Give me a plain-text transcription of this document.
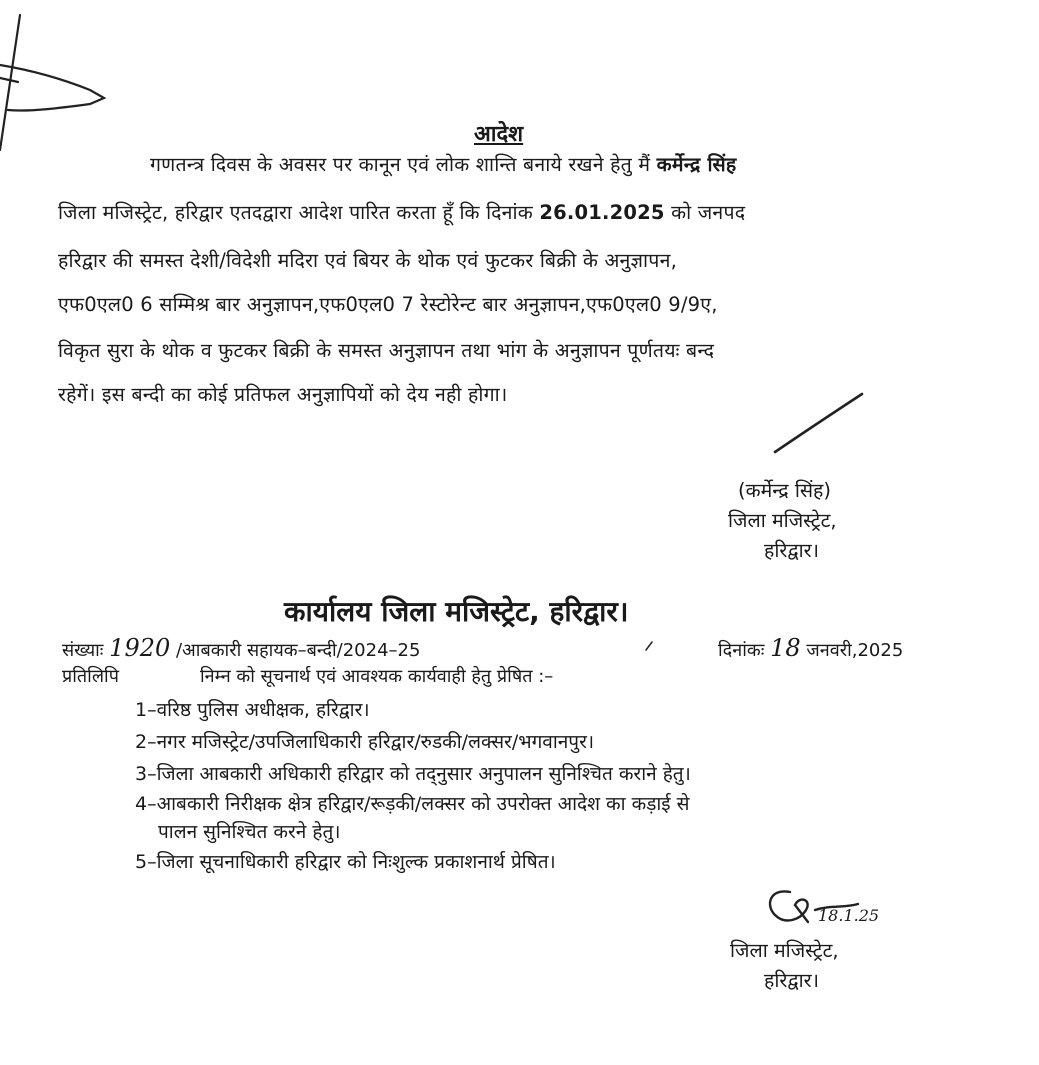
आदेश
गणतन्त्र दिवस के अवसर पर कानून एवं लोक शान्ति बनाये रखने हेतु मैं कर्मेन्द्र सिंह
जिला मजिस्ट्रेट, हरिद्वार एतदद्वारा आदेश पारित करता हूँ कि दिनांक 26.01.2025 को जनपद
हरिद्वार की समस्त देशी/विदेशी मदिरा एवं बियर के थोक एवं फुटकर बिक्री के अनुज्ञापन,
एफ0एल0 6 सम्मिश्र बार अनुज्ञापन,एफ0एल0 7 रेस्टोरेन्ट बार अनुज्ञापन,एफ0एल0 9/9ए,
विकृत सुरा के थोक व फुटकर बिक्री के समस्त अनुज्ञापन तथा भांग के अनुज्ञापन पूर्णतयः बन्द
रहेगें। इस बन्दी का कोई प्रतिफल अनुज्ञापियों को देय नही होगा।
(कर्मेन्द्र सिंह)
जिला मजिस्ट्रेट,
हरिद्वार।
कार्यालय जिला मजिस्ट्रेट, हरिद्वार।
संख्याः 1920 /आबकारी सहायक–बन्दी/2024–25	दिनांकः 18 जनवरी,2025
प्रतिलिपि	निम्न को सूचनार्थ एवं आवश्यक कार्यवाही हेतु प्रेषित :–
1–वरिष्ठ पुलिस अधीक्षक, हरिद्वार।
2–नगर मजिस्ट्रेट/उपजिलाधिकारी हरिद्वार/रुडकी/लक्सर/भगवानपुर।
3–जिला आबकारी अधिकारी हरिद्वार को तद्नुसार अनुपालन सुनिश्चित कराने हेतु।
4–आबकारी निरीक्षक क्षेत्र हरिद्वार/रूड़की/लक्सर को उपरोक्त आदेश का कड़ाई से
पालन सुनिश्चित करने हेतु।
5–जिला सूचनाधिकारी हरिद्वार को निःशुल्क प्रकाशनार्थ प्रेषित।
18.1.25
जिला मजिस्ट्रेट,
हरिद्वार।
